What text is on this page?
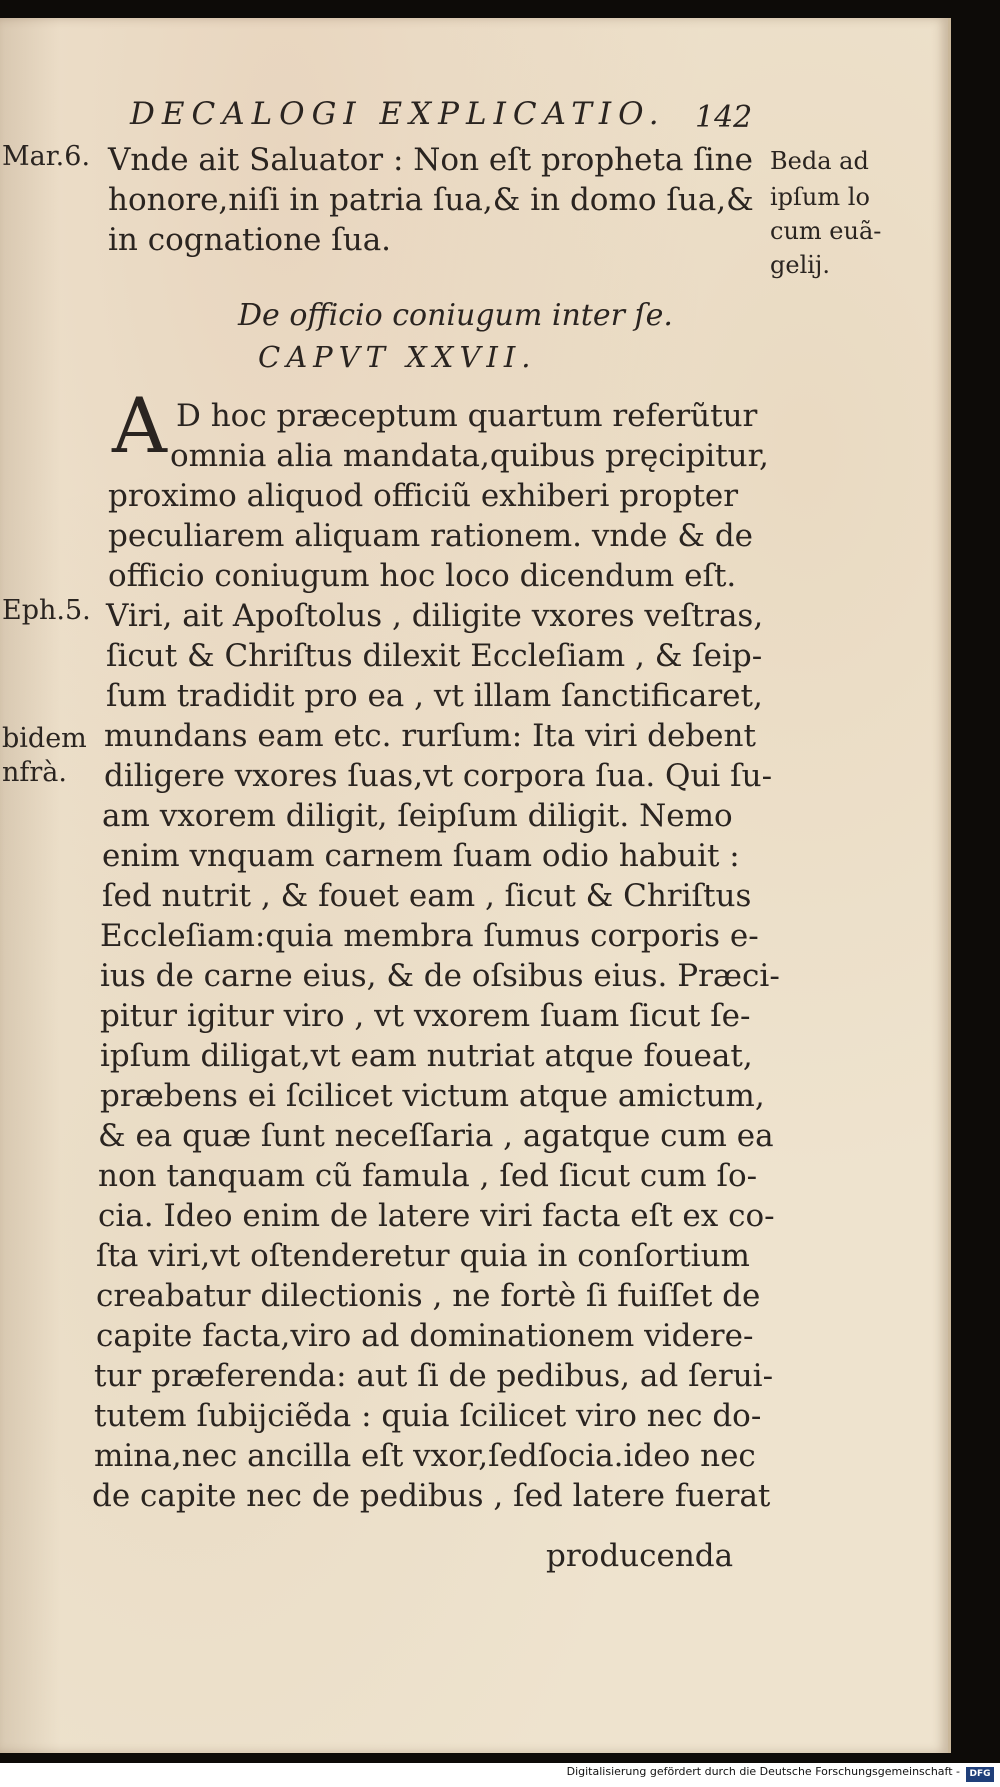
DECALOGI EXPLICATIO. 142
Mar.6.
Eph.5.
bidem
nfrà.
Beda ad
ipſum lo
cum euã-
gelij.
Vnde ait Saluator : Non eſt propheta ſine
honore,niſi in patria ſua,& in domo ſua,&
in cognatione ſua.
De officio coniugum inter ſe.
CAPVT XXVII.
A D hoc præceptum quartum referũtur
omnia alia mandata,quibus pręcipitur,
proximo aliquod officiũ exhiberi propter
peculiarem aliquam rationem. vnde & de
officio coniugum hoc loco dicendum eſt.
Viri, ait Apoſtolus , diligite vxores veſtras,
ſicut & Chriſtus dilexit Eccleſiam , & ſeip-
ſum tradidit pro ea , vt illam ſanctificaret,
mundans eam etc. rurſum: Ita viri debent
diligere vxores ſuas,vt corpora ſua. Qui ſu-
am vxorem diligit, ſeipſum diligit. Nemo
enim vnquam carnem ſuam odio habuit :
ſed nutrit , & fouet eam , ſicut & Chriſtus
Eccleſiam:quia membra ſumus corporis e-
ius de carne eius, & de oſsibus eius. Præci-
pitur igitur viro , vt vxorem ſuam ſicut ſe-
ipſum diligat,vt eam nutriat atque foueat,
præbens ei ſcilicet victum atque amictum,
& ea quæ ſunt neceſſaria , agatque cum ea
non tanquam cũ famula , ſed ſicut cum ſo-
cia. Ideo enim de latere viri facta eſt ex co-
ſta viri,vt oſtenderetur quia in conſortium
creabatur dilectionis , ne fortè ſi fuiſſet de
capite facta,viro ad dominationem videre-
tur præferenda: aut ſi de pedibus, ad ſerui-
tutem ſubijciẽda : quia ſcilicet viro nec do-
mina,nec ancilla eſt vxor,ſedſocia.ideo nec
de capite nec de pedibus , ſed latere fuerat
producenda
Digitalisierung gefördert durch die Deutsche Forschungsgemeinschaft -	DFG
